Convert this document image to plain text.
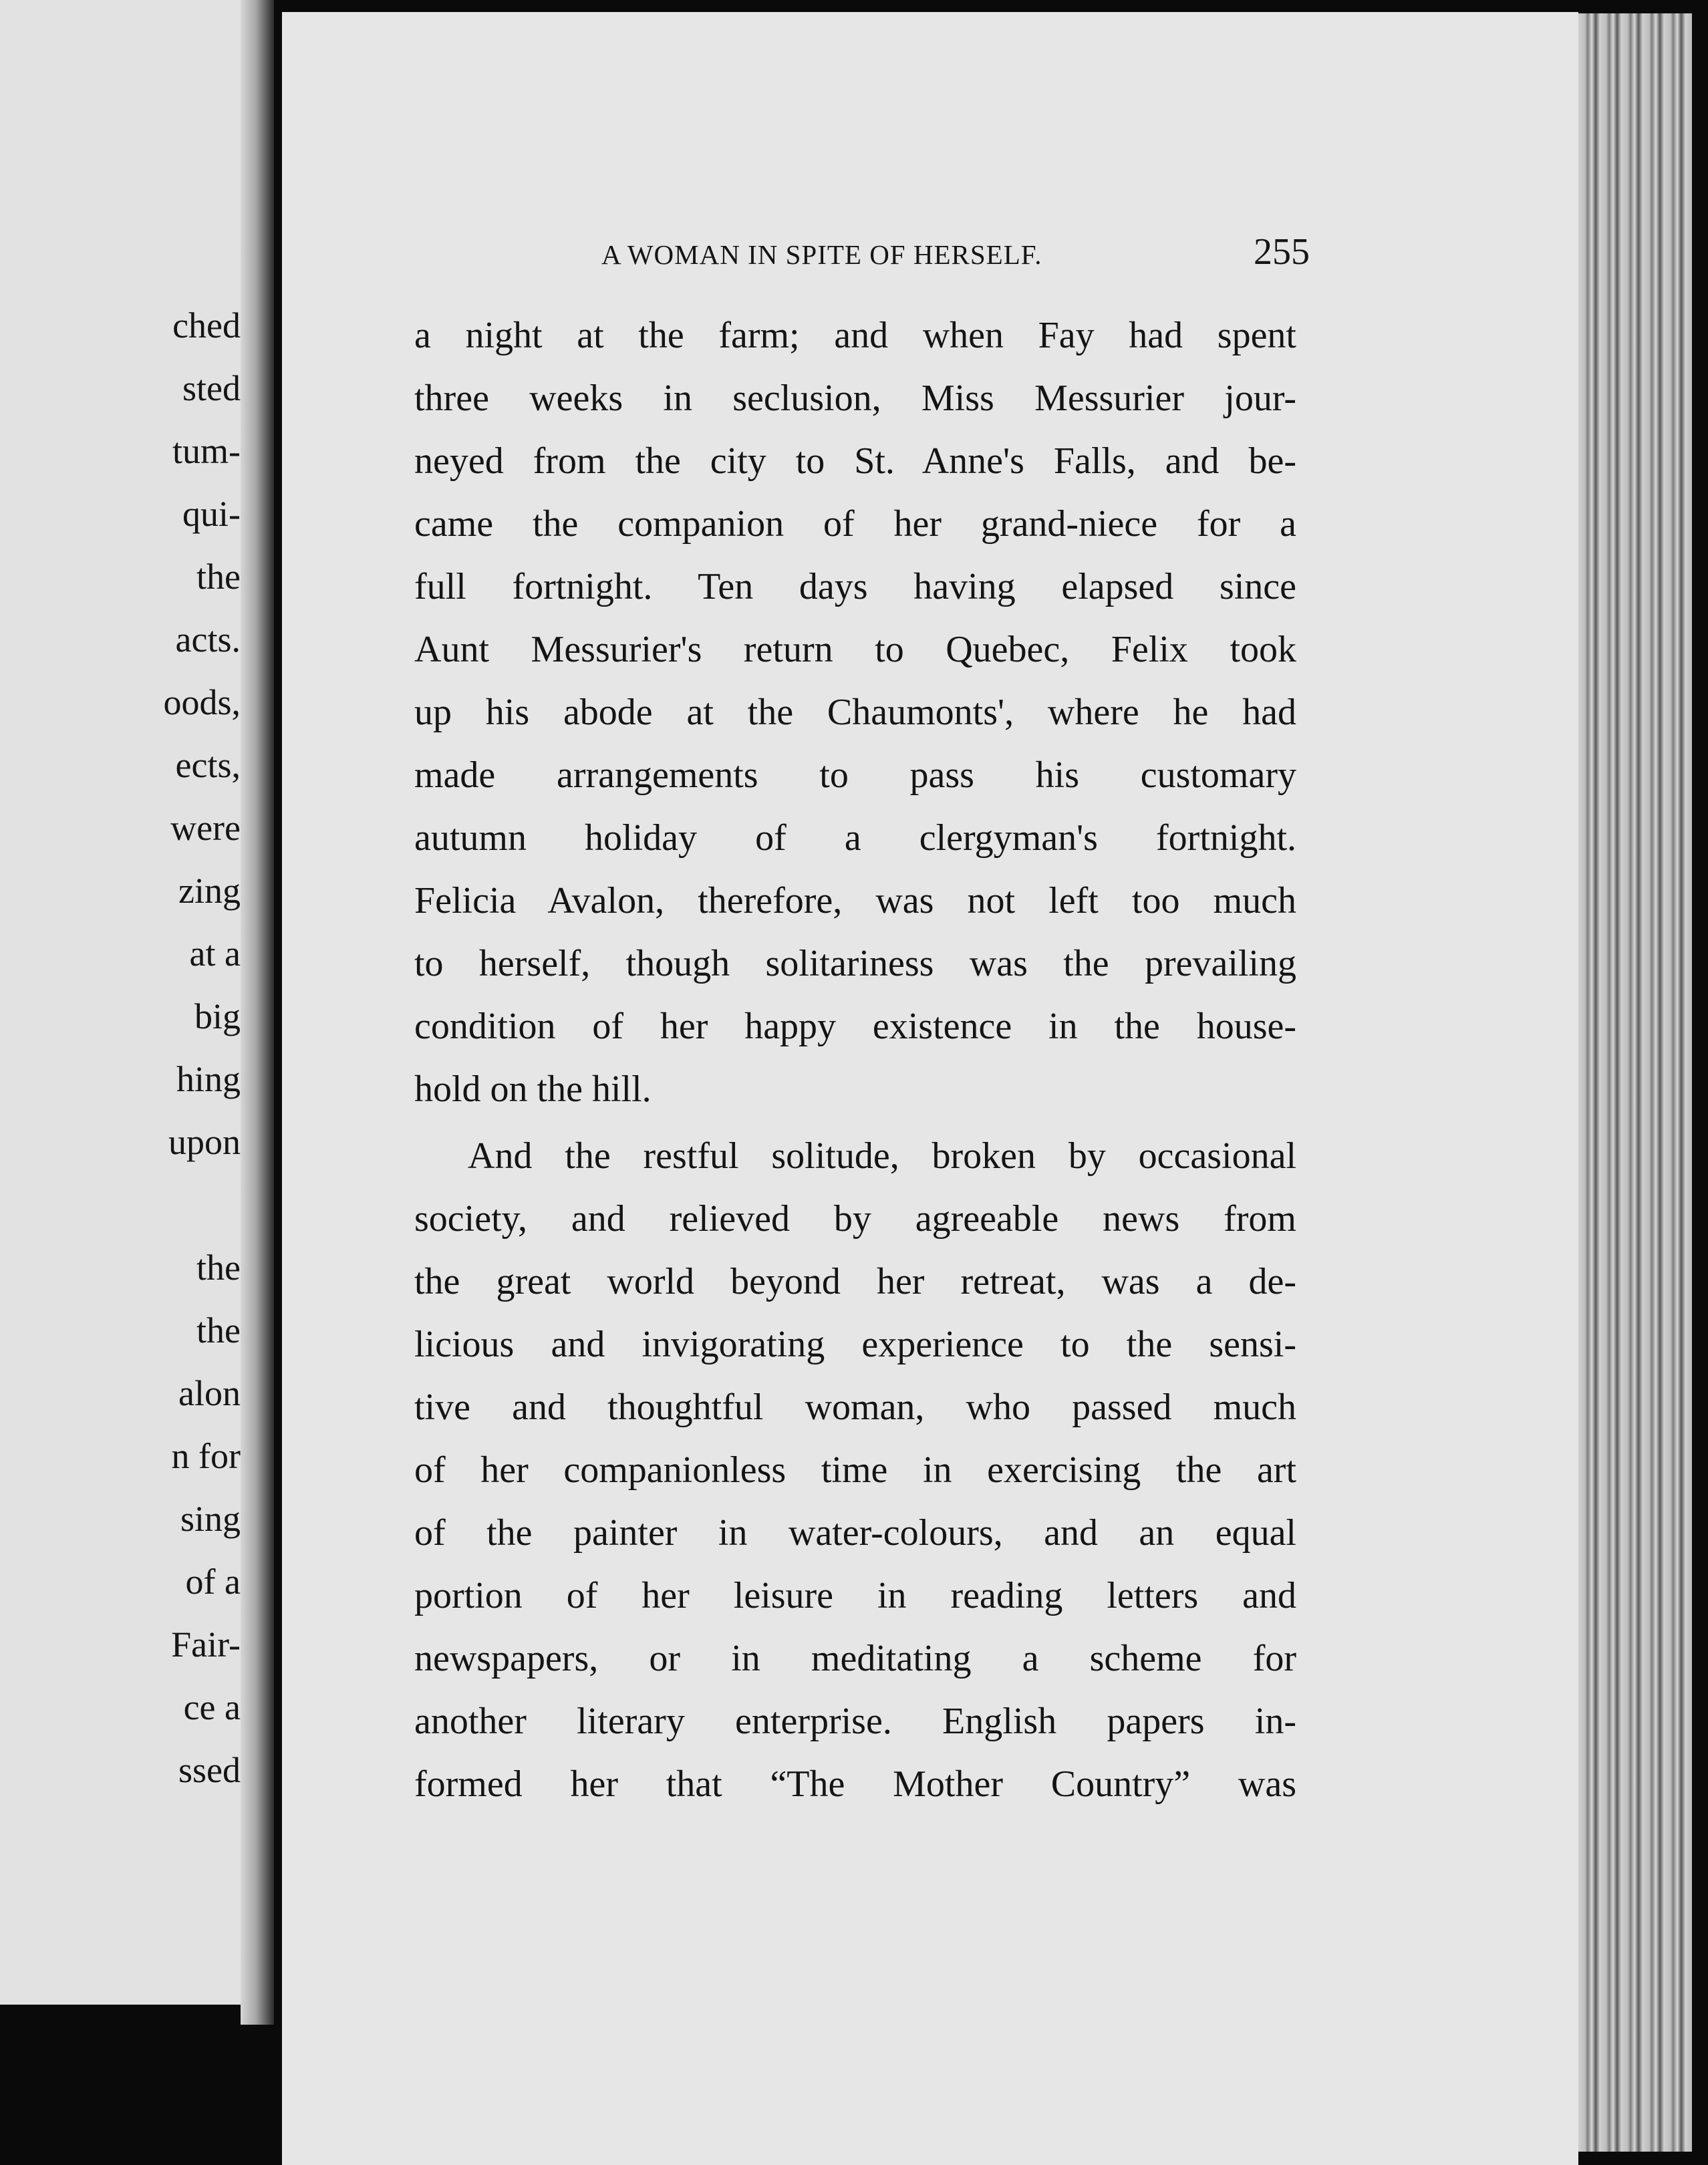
ched
sted
tum-
qui-
the
acts.
oods,
ects,
were
zing
at a
big
hing
upon
the
the
alon
n for
sing
of a
Fair-
ce a
ssed
A WOMAN IN SPITE OF HERSELF.	255
a night at the farm; and when Fay had spent
three weeks in seclusion, Miss Messurier jour-
neyed from the city to St. Anne's Falls, and be-
came the companion of her grand-niece for a
full fortnight. Ten days having elapsed since
Aunt Messurier's return to Quebec, Felix took
up his abode at the Chaumonts', where he had
made arrangements to pass his customary
autumn holiday of a clergyman's fortnight.
Felicia Avalon, therefore, was not left too much
to herself, though solitariness was the prevailing
condition of her happy existence in the house-
hold on the hill.
And the restful solitude, broken by occasional
society, and relieved by agreeable news from
the great world beyond her retreat, was a de-
licious and invigorating experience to the sensi-
tive and thoughtful woman, who passed much
of her companionless time in exercising the art
of the painter in water-colours, and an equal
portion of her leisure in reading letters and
newspapers, or in meditating a scheme for
another literary enterprise. English papers in-
formed her that “The Mother Country” was
